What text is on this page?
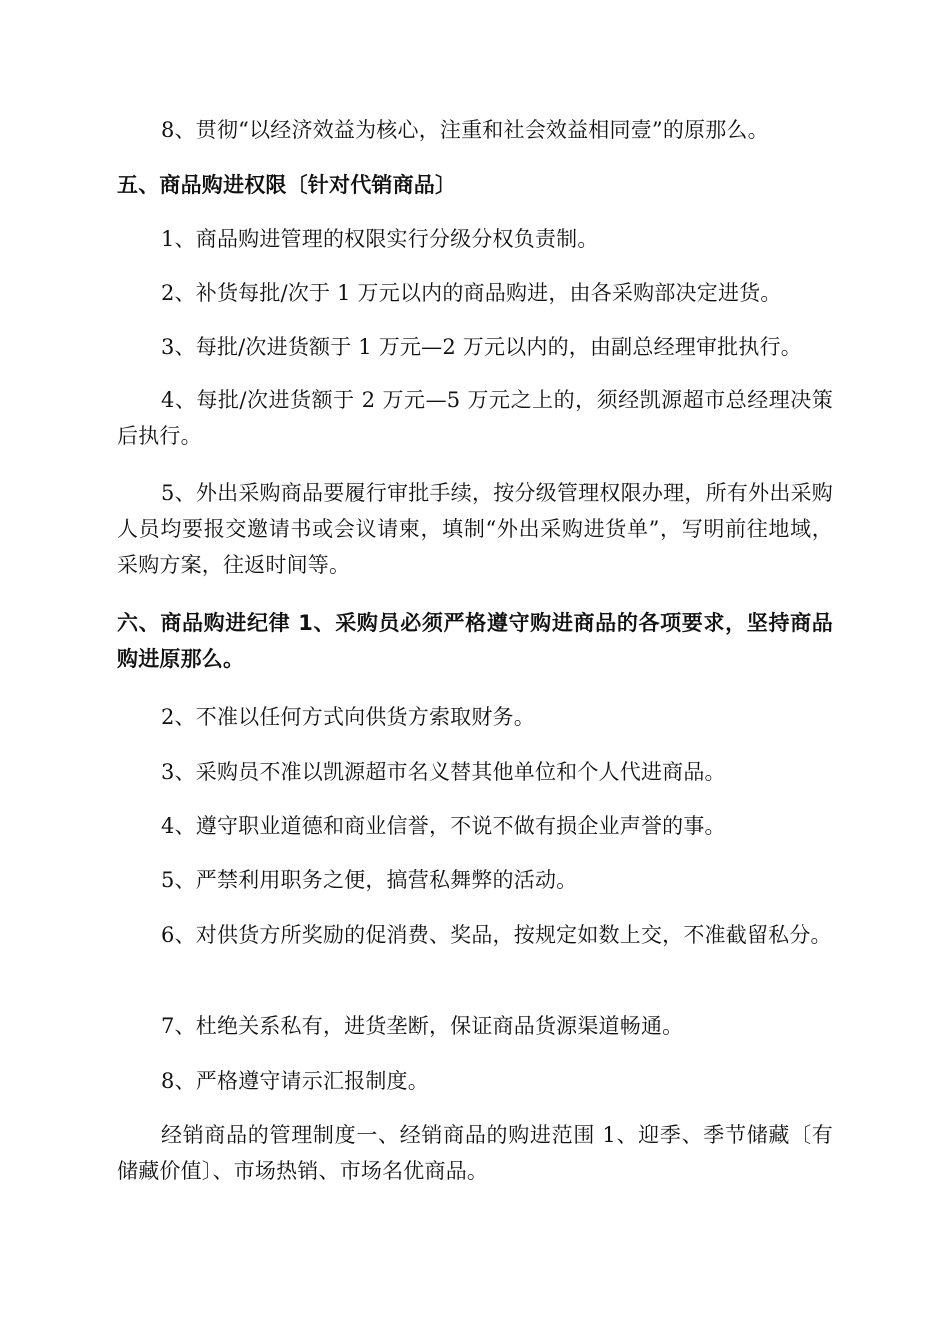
8、贯彻“以经济效益为核心，注重和社会效益相同壹”的原那么。

五、商品购进权限〔针对代销商品〕

1、商品购进管理的权限实行分级分权负责制。

2、补货每批/次于 1 万元以内的商品购进，由各采购部决定进货。

3、每批/次进货额于 1 万元—2 万元以内的，由副总经理审批执行。

4、每批/次进货额于 2 万元—5 万元之上的，须经凯源超市总经理决策后执行。

5、外出采购商品要履行审批手续，按分级管理权限办理，所有外出采购人员均要报交邀请书或会议请柬，填制“外出采购进货单”，写明前往地域，采购方案，往返时间等。

六、商品购进纪律 1、采购员必须严格遵守购进商品的各项要求，坚持商品购进原那么。

2、不准以任何方式向供货方索取财务。

3、采购员不准以凯源超市名义替其他单位和个人代进商品。

4、遵守职业道德和商业信誉，不说不做有损企业声誉的事。

5、严禁利用职务之便，搞营私舞弊的活动。

6、对供货方所奖励的促消费、奖品，按规定如数上交，不准截留私分。

7、杜绝关系私有，进货垄断，保证商品货源渠道畅通。

8、严格遵守请示汇报制度。

经销商品的管理制度一、经销商品的购进范围 1、迎季、季节储藏〔有储藏价值〕、市场热销、市场名优商品。
